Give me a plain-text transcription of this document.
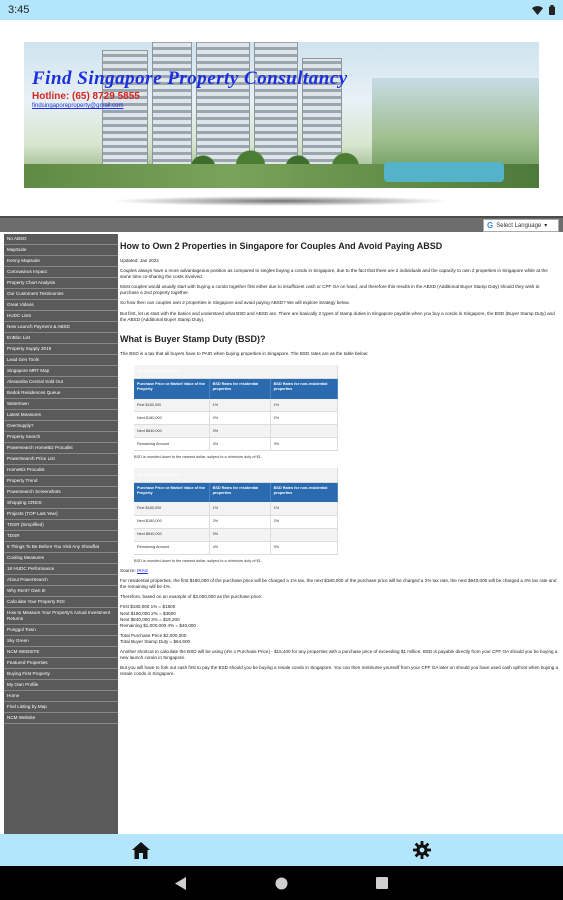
3:45
Find Singapore Property Consultancy
Hotline: (65) 8729 5855
findsingaporeproperty@gmail.com
G Select Language ▾
No ABSD
MapSuite
Kenny Mapsuite
Coronavirus Impact
Property Chart Analysis
Our Customers Testimonies
Great Videos
HUDC Lists
New Launch Payment & ABSD
EnBloc List
Property Supply 2019
Lead Gen Tools
Singapore MRT Map
Alexandra Central Sold Out
Bedok Residences Queue
Watertown
Latest Measures
OverSupply?
Property Search
Powersearch HomeBiz Procalist
PowerSearch Price List
HomeBiz Procalist
Property Trend
Powersearch Screenshots
Shopping CREIS
Projects (TOP Last Year)
TDSR (Simplified)
TDSR
5 Things To Be Before You Visit Any Showflat
Cooling Measures
18 HUDC Performance
About PowerSearch
Why Rent? Own It!
Calculate Your Property ROI
How to Measure Your Property's Actual Investment Returns
Punggol Town
Sky Green
NCM WEBSITE
Featured Properties
Buying First Property
My Own Profile
Home
Find Listing by Map
NCM Website
How to Own 2 Properties in Singapore for Couples And Avoid Paying ABSD

Updated: Jan 2022

Couples always have a more advantageous position as compared to singles buying a condo in Singapore, due to the fact that there are 2 individuals and the capacity to own 2 properties in Singapore while at the same time co-sharing the costs involved.

Most couples would usually start with buying a condo together first either due to insufficient cash or CPF OA on hand, and therefore this results in the ABSD (Additional Buyer Stamp Duty) should they wish to purchase a 2nd property together.

So how then can couples own 2 properties in Singapore and avoid paying ABSD? We will explore strategy below.

But first, let us start with the basics and understand what BSD and ABSD are. There are basically 2 types of stamp duties in Singapore payable when you buy a condo in Singapore, the BSD (Buyer Stamp Duty) and the ABSD (Additional Buyer Stamp Duty).

What is Buyer Stamp Duty (BSD)?

The BSD is a tax that all buyers have to PAID when buying properties in Singapore. The BSD rates are as the table below:

On or after 20 Feb 2018		
Purchase Price or Market Value of the Property	BSD Rates for residential properties	BSD Rates for non-residential properties
First $180,000	1%	1%
Next $180,000	2%	2%
Next $640,000	3%	
Remaining Amount	4%	3%

BSD is rounded down to the nearest dollar, subject to a minimum duty of $1.

On or after 20 Feb 2018		
Purchase Price or Market Value of the Property	BSD Rates for residential properties	BSD Rates for non-residential properties
First $180,000	1%	1%
Next $180,000	2%	2%
Next $640,000	3%	
Remaining Amount	4%	3%

BSD is rounded down to the nearest dollar, subject to a minimum duty of $1.

Source: IRAS

For residential properties, the first $180,000 of the purchase price will be charged a 1% tax, the next $180,000 of the purchase price will be charged a 2% tax rate, the next $640,000 will be charged a 3% tax rate and the remaining will be 4%.

Therefore, based on an example of $2,000,000 as the purchase price:

First $180,000 1% = $1800
Next $180,000 2% = $3600
Next $640,000 3% = $19,200
Remaining $1,000,000 4% = $40,000

Total Purchase Price $2,000,000
Total Buyer Stamp Duty = $64,600

Another shortcut to calculate the BSD will be using (4% x Purchase Price) - $15,400 for any properties with a purchase price of exceeding $1 million. BSD is payable directly from your CPF OA should you be buying a new launch condo in Singapore.

But you will have to fork out cash first to pay the BSD should you be buying a resale condo in Singapore. You can then reimburse yourself from your CPF OA later on should you have used cash upfront when buying a resale condo in Singapore.
